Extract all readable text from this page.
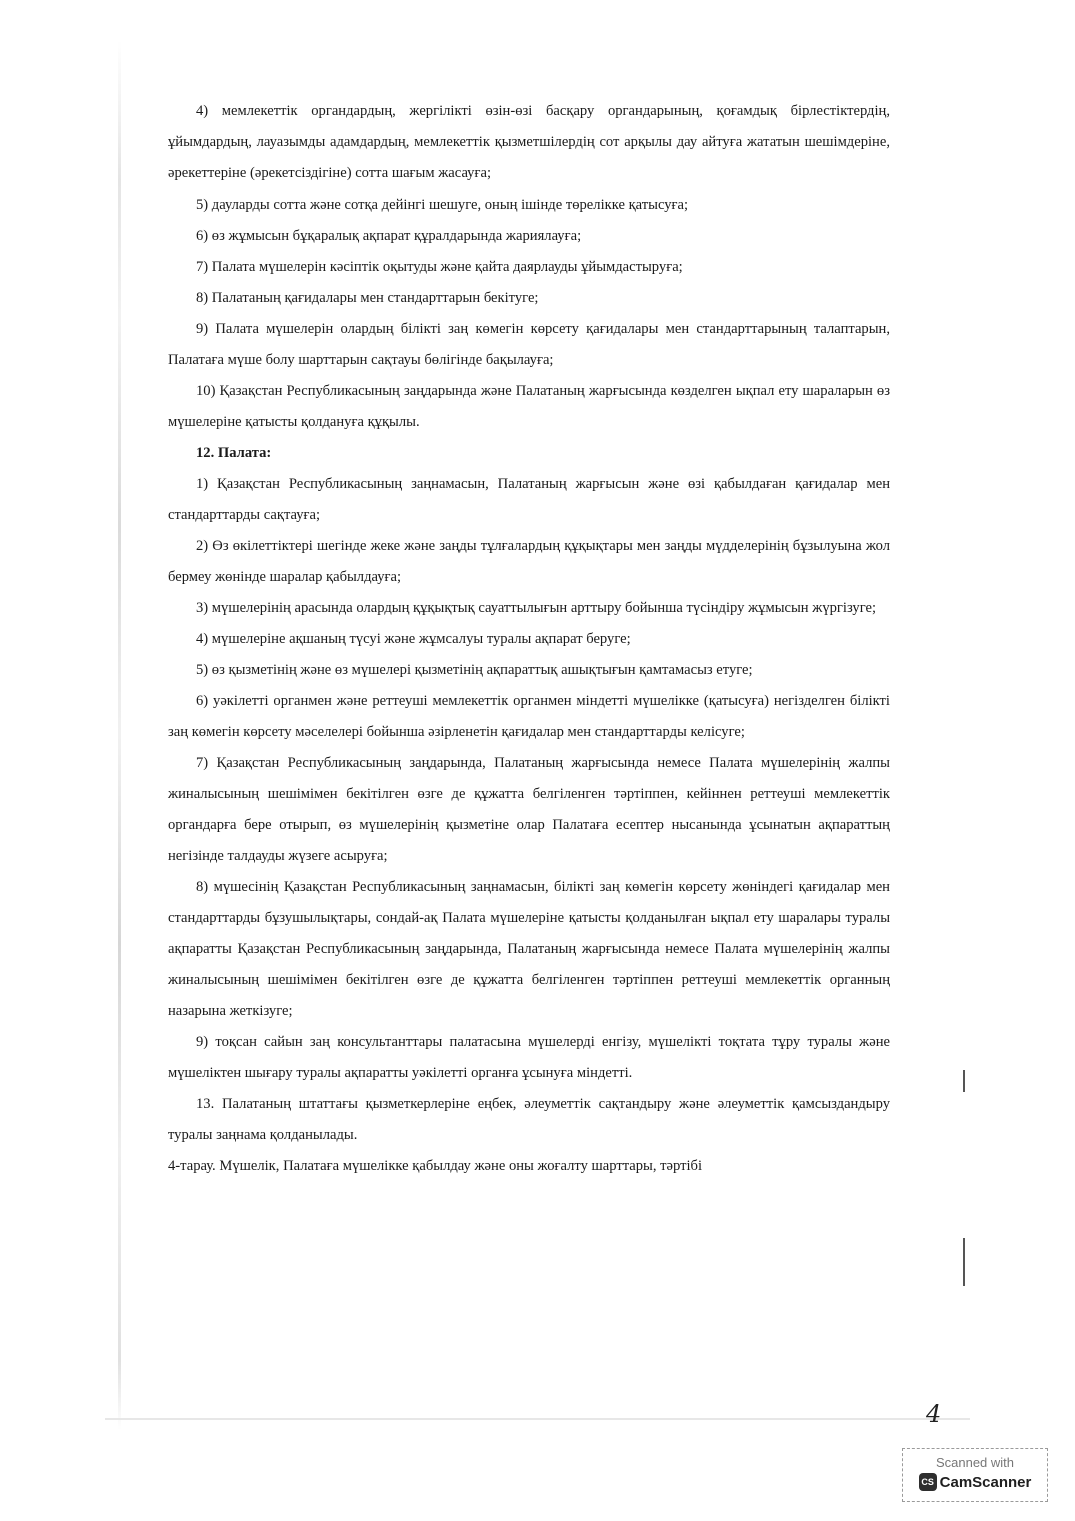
4) мемлекеттік органдардың, жергілікті өзін-өзі басқару органдарының, қоғамдық бірлестіктердің, ұйымдардың, лауазымды адамдардың, мемлекеттік қызметшілердің сот арқылы дау айтуға жататын шешімдеріне, әрекеттеріне (әрекетсіздігіне) сотта шағым жасауға;

5) дауларды сотта және сотқа дейінгі шешуге, оның ішінде төрелікке қатысуға;

6) өз жұмысын бұқаралық ақпарат құралдарында жариялауға;

7) Палата мүшелерін кәсіптік оқытуды және қайта даярлауды ұйымдастыруға;

8) Палатаның қағидалары мен стандарттарын бекітуге;

9) Палата мүшелерін олардың білікті заң көмегін көрсету қағидалары мен стандарттарының талаптарын, Палатаға мүше болу шарттарын сақтауы бөлігінде бақылауға;

10) Қазақстан Республикасының заңдарында және Палатаның жарғысында көзделген ықпал ету шараларын өз мүшелеріне қатысты қолдануға құқылы.

12. Палата:

1) Қазақстан Республикасының заңнамасын, Палатаның жарғысын және өзі қабылдаған қағидалар мен стандарттарды сақтауға;

2) Өз өкілеттіктері шегінде жеке және заңды тұлғалардың құқықтары мен заңды мүдделерінің бұзылуына жол бермеу жөнінде шаралар қабылдауға;

3) мүшелерінің арасында олардың құқықтық сауаттылығын арттыру бойынша түсіндіру жұмысын жүргізуге;

4) мүшелеріне ақшаның түсуі және жұмсалуы туралы ақпарат беруге;

5) өз қызметінің және өз мүшелері қызметінің ақпараттық ашықтығын қамтамасыз етуге;

6) уәкілетті органмен және реттеуші мемлекеттік органмен міндетті мүшелікке (қатысуға) негізделген білікті заң көмегін көрсету мәселелері бойынша әзірленетін қағидалар мен стандарттарды келісуге;

7) Қазақстан Республикасының заңдарында, Палатаның жарғысында немесе Палата мүшелерінің жалпы жиналысының шешімімен бекітілген өзге де құжатта белгіленген тәртіппен, кейіннен реттеуші мемлекеттік органдарға бере отырып, өз мүшелерінің қызметіне олар Палатаға есептер нысанында ұсынатын ақпараттың негізінде талдауды жүзеге асыруға;

8) мүшесінің Қазақстан Республикасының заңнамасын, білікті заң көмегін көрсету жөніндегі қағидалар мен стандарттарды бұзушылықтары, сондай-ақ Палата мүшелеріне қатысты қолданылған ықпал ету шаралары туралы ақпаратты Қазақстан Республикасының заңдарында, Палатаның жарғысында немесе Палата мүшелерінің жалпы жиналысының шешімімен бекітілген өзге де құжатта белгіленген тәртіппен реттеуші мемлекеттік органның назарына жеткізуге;

9) тоқсан сайын заң консультанттары палатасына мүшелерді енгізу, мүшелікті тоқтата тұру туралы және мүшеліктен шығару туралы ақпаратты уәкілетті органға ұсынуға міндетті.

13. Палатаның штаттағы қызметкерлеріне еңбек, әлеуметтік сақтандыру және әлеуметтік қамсыздандыру туралы заңнама қолданылады.

4-тарау. Мүшелік, Палатаға мүшелікке қабылдау және оны жоғалту шарттары, тәртібі

4
Scanned with
CS CamScanner
